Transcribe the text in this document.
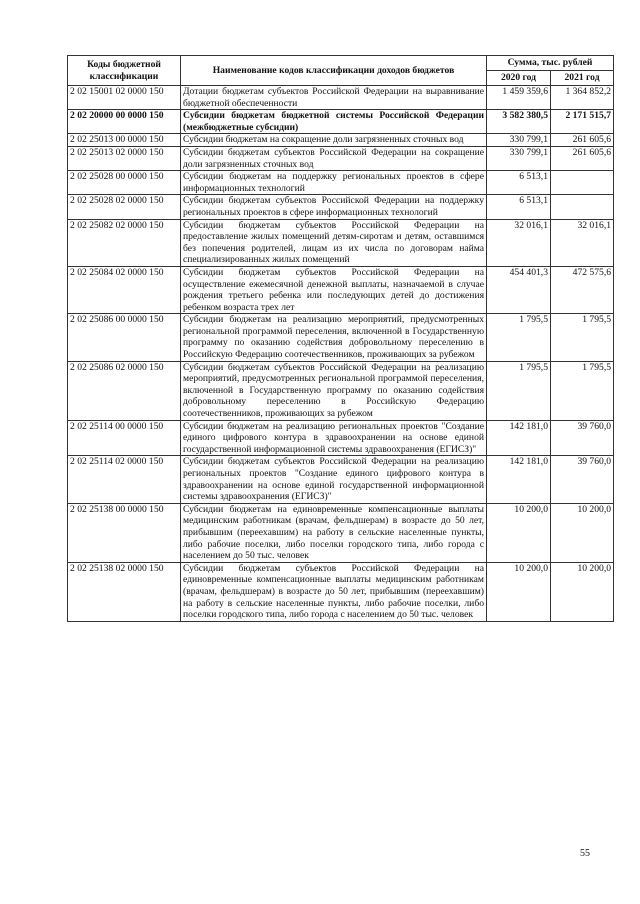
Коды бюджетной классификации	Наименование кодов классификации доходов бюджетов	Сумма, тыс. рублей	
		2020 год	2021 год
2 02 15001 02 0000 150	Дотации бюджетам субъектов Российской Федерации на выравнивание бюджетной обеспеченности	1 459 359,6	1 364 852,2
2 02 20000 00 0000 150	Субсидии бюджетам бюджетной системы Российской Федерации (межбюджетные субсидии)	3 582 380,5	2 171 515,7
2 02 25013 00 0000 150	Субсидии бюджетам на сокращение доли загрязненных сточных вод	330 799,1	261 605,6
2 02 25013 02 0000 150	Субсидии бюджетам субъектов Российской Федерации на сокращение доли загрязненных сточных вод	330 799,1	261 605,6
2 02 25028 00 0000 150	Субсидии бюджетам на поддержку региональных проектов в сфере информационных технологий	6 513,1	
2 02 25028 02 0000 150	Субсидии бюджетам субъектов Российской Федерации на поддержку региональных проектов в сфере информационных технологий	6 513,1	
2 02 25082 02 0000 150	Субсидии бюджетам субъектов Российской Федерации на предоставление жилых помещений детям-сиротам и детям, оставшимся без попечения родителей, лицам из их числа по договорам найма специализированных жилых помещений	32 016,1	32 016,1
2 02 25084 02 0000 150	Субсидии бюджетам субъектов Российской Федерации на осуществление ежемесячной денежной выплаты, назначаемой в случае рождения третьего ребенка или последующих детей до достижения ребенком возраста трех лет	454 401,3	472 575,6
2 02 25086 00 0000 150	Субсидии бюджетам на реализацию мероприятий, предусмотренных региональной программой переселения, включенной в Государственную программу по оказанию содействия добровольному переселению в Российскую Федерацию соотечественников, проживающих за рубежом	1 795,5	1 795,5
2 02 25086 02 0000 150	Субсидии бюджетам субъектов Российской Федерации на реализацию мероприятий, предусмотренных региональной программой переселения, включенной в Государственную программу по оказанию содействия добровольному переселению в Российскую Федерацию соотечественников, проживающих за рубежом	1 795,5	1 795,5
2 02 25114 00 0000 150	Субсидии бюджетам на реализацию региональных проектов "Создание единого цифрового контура в здравоохранении на основе единой государственной информационной системы здравоохранения (ЕГИСЗ)"	142 181,0	39 760,0
2 02 25114 02 0000 150	Субсидии бюджетам субъектов Российской Федерации на реализацию региональных проектов "Создание единого цифрового контура в здравоохранении на основе единой государственной информационной системы здравоохранения (ЕГИСЗ)"	142 181,0	39 760,0
2 02 25138 00 0000 150	Субсидии бюджетам на единовременные компенсационные выплаты медицинским работникам (врачам, фельдшерам) в возрасте до 50 лет, прибывшим (переехавшим) на работу в сельские населенные пункты, либо рабочие поселки, либо поселки городского типа, либо города с населением до 50 тыс. человек	10 200,0	10 200,0
2 02 25138 02 0000 150	Субсидии бюджетам субъектов Российской Федерации на единовременные компенсационные выплаты медицинским работникам (врачам, фельдшерам) в возрасте до 50 лет, прибывшим (переехавшим) на работу в сельские населенные пункты, либо рабочие поселки, либо поселки городского типа, либо города с населением до 50 тыс. человек	10 200,0	10 200,0
55
